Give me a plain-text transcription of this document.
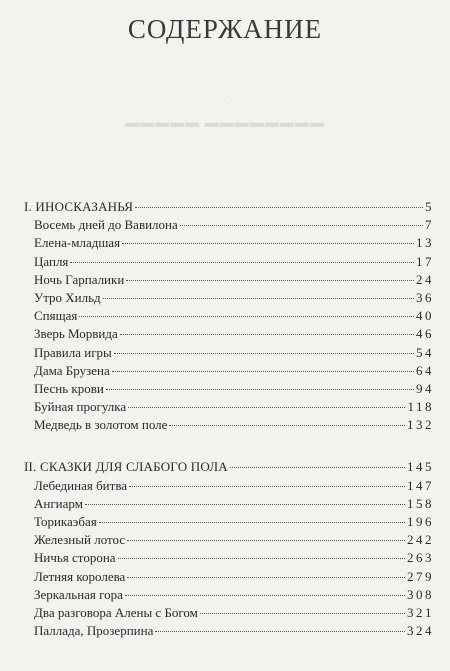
СОДЕРЖАНИЕ
· · · · ·
▬▬▬▬▬ ▬▬▬▬▬▬▬▬
· · · ·
I. ИНОСКАЗАНЬЯ	5
Восемь дней до Вавилона	7
Елена-младшая	13
Цапля	17
Ночь Гарпалики	24
Утро Хильд	36
Спящая	40
Зверь Морвида	46
Правила игры	54
Дама Брузена	64
Песнь крови	94
Буйная прогулка	118
Медведь в золотом поле	132
II. СКАЗКИ ДЛЯ СЛАБОГО ПОЛА	145
Лебединая битва	147
Ангиарм	158
Торикаэбая	196
Железный лотос	242
Ничья сторона	263
Летняя королева	279
Зеркальная гора	308
Два разговора Алены с Богом	321
Паллада, Прозерпина	324
